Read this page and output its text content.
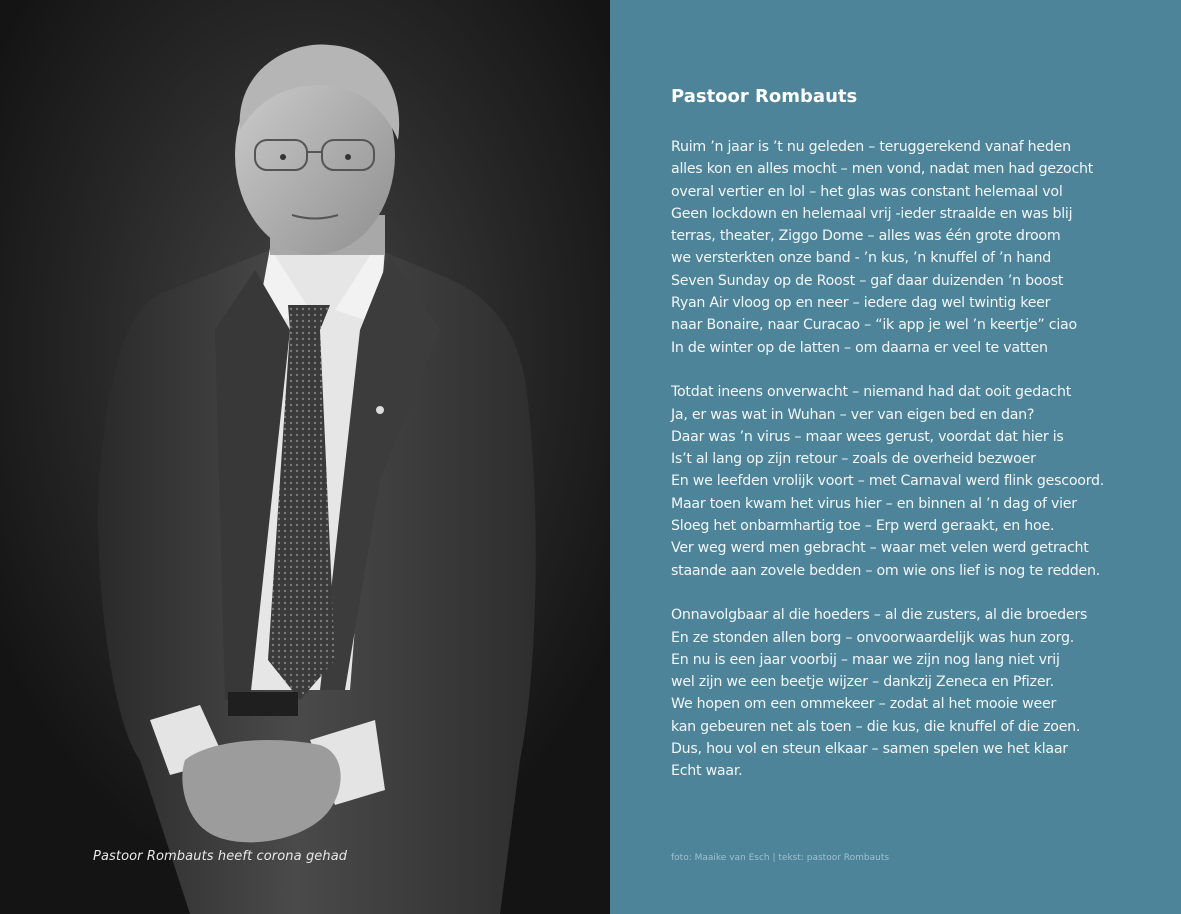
Pastoor Rombauts heeft corona gehad
Pastoor Rombauts
Ruim ’n jaar is ’t nu geleden – teruggerekend vanaf heden
alles kon en alles mocht – men vond, nadat men had gezocht
overal vertier en lol – het glas was constant helemaal vol
Geen lockdown en helemaal vrij -ieder straalde en was blij
terras, theater, Ziggo Dome – alles was één grote droom
we versterkten onze band - ’n kus, ’n knuffel of ’n hand
Seven Sunday op de Roost – gaf daar duizenden ’n boost
Ryan Air vloog op en neer – iedere dag wel twintig keer
naar Bonaire, naar Curacao – “ik app je wel ’n keertje” ciao
In de winter op de latten – om daarna er veel te vatten
Totdat ineens onverwacht – niemand had dat ooit gedacht
Ja, er was wat in Wuhan – ver van eigen bed en dan?
Daar was ’n virus – maar wees gerust, voordat dat hier is
Is’t al lang op zijn retour – zoals de overheid bezwoer
En we leefden vrolijk voort – met Carnaval werd flink gescoord.
Maar toen kwam het virus hier – en binnen al ’n dag of vier
Sloeg het onbarmhartig toe – Erp werd geraakt, en hoe.
Ver weg werd men gebracht – waar met velen werd getracht
staande aan zovele bedden – om wie ons lief is nog te redden.
Onnavolgbaar al die hoeders – al die zusters, al die broeders
En ze stonden allen borg – onvoorwaardelijk was hun zorg.
En nu is een jaar voorbij – maar we zijn nog lang niet vrij
wel zijn we een beetje wijzer – dankzij Zeneca en Pfizer.
We hopen om een ommekeer – zodat al het mooie weer
kan gebeuren net als toen – die kus, die knuffel of die zoen.
Dus, hou vol en steun elkaar – samen spelen we het klaar
Echt waar.
foto: Maaike van Esch | tekst: pastoor Rombauts
